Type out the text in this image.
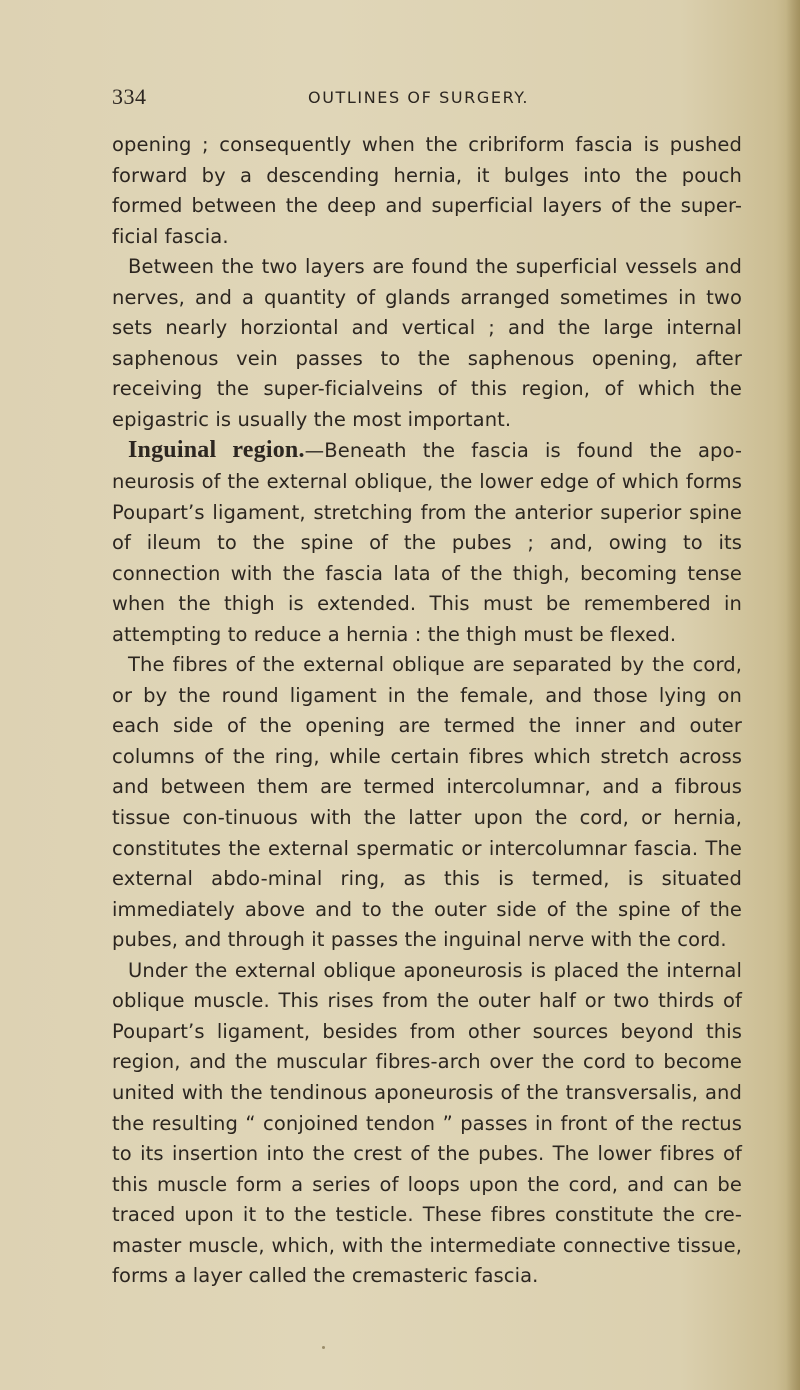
334	OUTLINES OF SURGERY.

opening ; consequently when the cribriform fascia is pushed forward by a descending hernia, it bulges into the pouch formed between the deep and superficial layers of the super-ficial fascia.

Between the two layers are found the superficial vessels and nerves, and a quantity of glands arranged sometimes in two sets nearly horziontal and vertical ; and the large internal saphenous vein passes to the saphenous opening, after receiving the super-ficialveins of this region, of which the epigastric is usually the most important.

Inguinal region.—Beneath the fascia is found the apo-neurosis of the external oblique, the lower edge of which forms Poupart’s ligament, stretching from the anterior superior spine of ileum to the spine of the pubes ; and, owing to its connection with the fascia lata of the thigh, becoming tense when the thigh is extended. This must be remembered in attempting to reduce a hernia : the thigh must be flexed.

The fibres of the external oblique are separated by the cord, or by the round ligament in the female, and those lying on each side of the opening are termed the inner and outer columns of the ring, while certain fibres which stretch across and between them are termed intercolumnar, and a fibrous tissue con-tinuous with the latter upon the cord, or hernia, constitutes the external spermatic or intercolumnar fascia. The external abdo-minal ring, as this is termed, is situated immediately above and to the outer side of the spine of the pubes, and through it passes the inguinal nerve with the cord.

Under the external oblique aponeurosis is placed the internal oblique muscle. This rises from the outer half or two thirds of Poupart’s ligament, besides from other sources beyond this region, and the muscular fibres-arch over the cord to become united with the tendinous aponeurosis of the transversalis, and the resulting “ conjoined tendon ” passes in front of the rectus to its insertion into the crest of the pubes. The lower fibres of this muscle form a series of loops upon the cord, and can be traced upon it to the testicle. These fibres constitute the cre-master muscle, which, with the intermediate connective tissue, forms a layer called the cremasteric fascia.
